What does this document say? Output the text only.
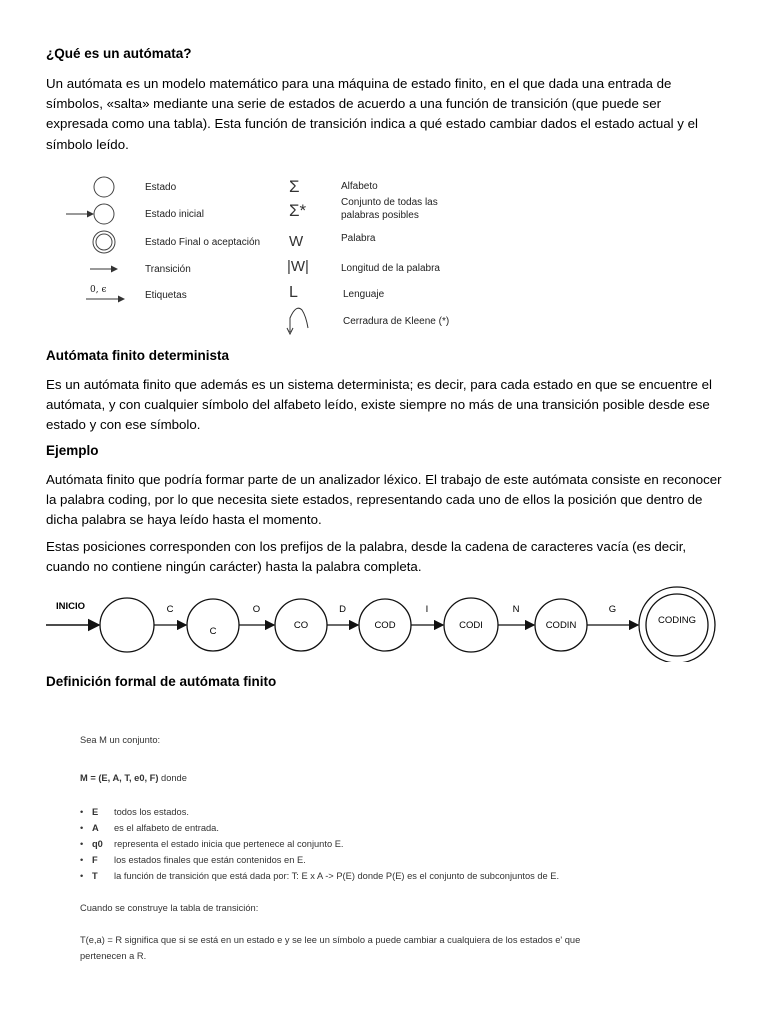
¿Qué es un autómata?
Un autómata es un modelo matemático para una máquina de estado finito, en el que dada una entrada de símbolos, «salta» mediante una serie de estados de acuerdo a una función de transición (que puede ser expresada como una tabla). Esta función de transición indica a qué estado cambiar dados el estado actual y el símbolo leído.
Estado
Estado inicial
Estado Final o aceptación
Transición
0, ϵ	Etiquetas
Σ	Alfabeto
Σ*	Conjunto de todas las palabras posibles
W	Palabra
|W|	Longitud de la palabra
L	Lenguaje
Cerradura de Kleene (*)
Autómata finito determinista
Es un autómata finito que además es un sistema determinista; es decir, para cada estado en que se encuentre el autómata, y con cualquier símbolo del alfabeto leído, existe siempre no más de una transición posible desde ese estado y con ese símbolo.
Ejemplo
Autómata finito que podría formar parte de un analizador léxico. El trabajo de este autómata consiste en reconocer la palabra coding, por lo que necesita siete estados, representando cada uno de ellos la posición que dentro de dicha palabra se haya leído hasta el momento.
Estas posiciones corresponden con los prefijos de la palabra, desde la cadena de caracteres vacía (es decir, cuando no contiene ningún carácter) hasta la palabra completa.
INICIO
C
CO	COD	CODI	CODIN	CODING
C	O	D	I	N	G
Definición formal de autómata finito
Sea M un conjunto:
M = (E, A, T, e0, F) donde
• E todos los estados.
• A es el alfabeto de entrada.
• q0 representa el estado inicia que pertenece al conjunto E.
• F los estados finales que están contenidos en E.
• T la función de transición que está dada por: T: E x A -> P(E) donde P(E) es el conjunto de subconjuntos de E.
Cuando se construye la tabla de transición:
T(e,a) = R significa que si se está en un estado e y se lee un símbolo a puede cambiar a cualquiera de los estados e' que
pertenecen a R.
